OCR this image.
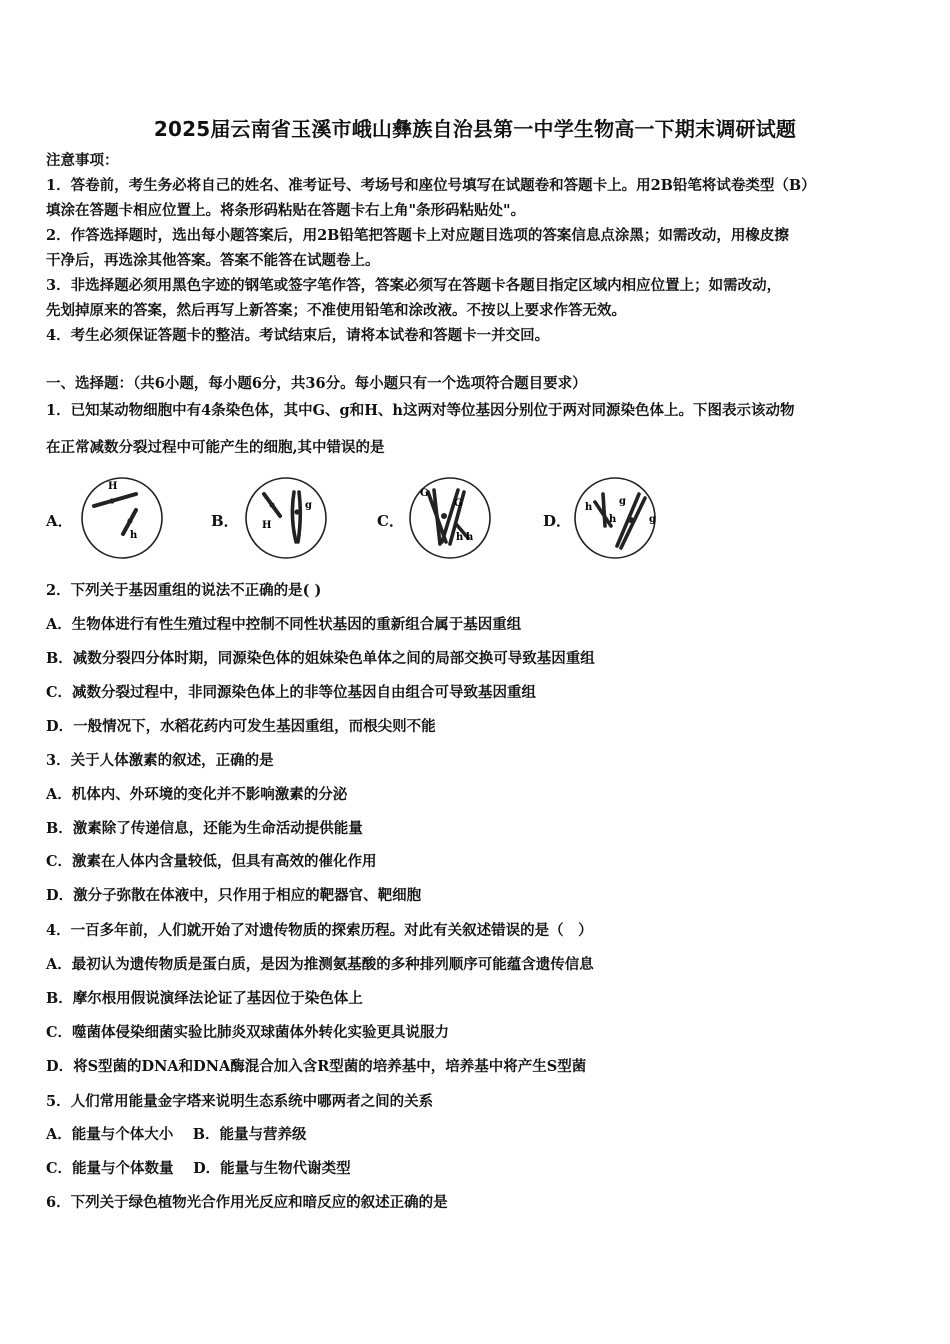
2025届云南省玉溪市峨山彝族自治县第一中学生物高一下期末调研试题
注意事项：
1．答卷前，考生务必将自己的姓名、准考证号、考场号和座位号填写在试题卷和答题卡上。用2B铅笔将试卷类型（B）
填涂在答题卡相应位置上。将条形码粘贴在答题卡右上角"条形码粘贴处"。
2．作答选择题时，选出每小题答案后，用2B铅笔把答题卡上对应题目选项的答案信息点涂黑；如需改动，用橡皮擦
干净后，再选涂其他答案。答案不能答在试题卷上。
3．非选择题必须用黑色字迹的钢笔或签字笔作答，答案必须写在答题卡各题目指定区域内相应位置上；如需改动，
先划掉原来的答案，然后再写上新答案；不准使用铅笔和涂改液。不按以上要求作答无效。
4．考生必须保证答题卡的整洁。考试结束后，请将本试卷和答题卡一并交回。
一、选择题：（共6小题，每小题6分，共36分。每小题只有一个选项符合题目要求）
1．已知某动物细胞中有4条染色体，其中G、g和H、h这两对等位基因分别位于两对同源染色体上。下图表示该动物
在正常减数分裂过程中可能产生的细胞,其中错误的是
A．
H
h
B． H
g
C．
G
G
h h
D．
h
h
g
g
2．下列关于基因重组的说法不正确的是( )
A．生物体进行有性生殖过程中控制不同性状基因的重新组合属于基因重组
B．减数分裂四分体时期，同源染色体的姐妹染色单体之间的局部交换可导致基因重组
C．减数分裂过程中，非同源染色体上的非等位基因自由组合可导致基因重组
D．一般情况下，水稻花药内可发生基因重组，而根尖则不能
3．关于人体激素的叙述，正确的是
A．机体内、外环境的变化并不影响激素的分泌
B．激素除了传递信息，还能为生命活动提供能量
C．激素在人体内含量较低，但具有高效的催化作用
D．激分子弥散在体液中，只作用于相应的靶器官、靶细胞
4．一百多年前，人们就开始了对遗传物质的探索历程。对此有关叙述错误的是（　）
A．最初认为遗传物质是蛋白质，是因为推测氨基酸的多种排列顺序可能蕴含遗传信息
B．摩尔根用假说演绎法论证了基因位于染色体上
C．噬菌体侵染细菌实验比肺炎双球菌体外转化实验更具说服力
D．将S型菌的DNA和DNA酶混合加入含R型菌的培养基中，培养基中将产生S型菌
5．人们常用能量金字塔来说明生态系统中哪两者之间的关系
A．能量与个体大小　 B．能量与营养级
C．能量与个体数量　 D．能量与生物代谢类型
6．下列关于绿色植物光合作用光反应和暗反应的叙述正确的是
